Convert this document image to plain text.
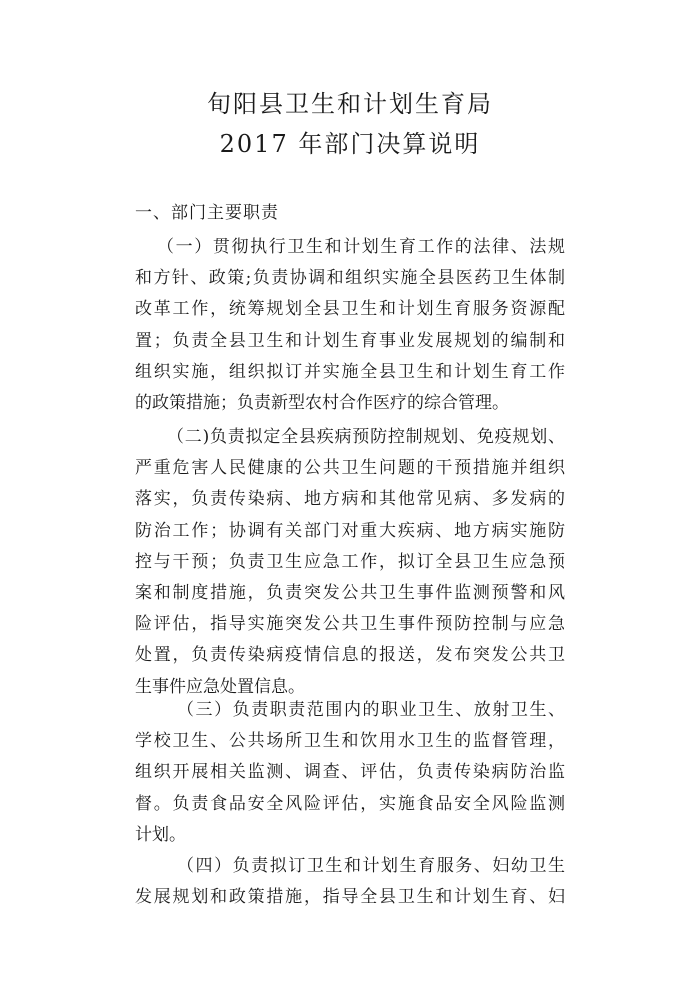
旬阳县卫生和计划生育局
2017 年部门决算说明
一、部门主要职责
（一）贯彻执行卫生和计划生育工作的法律、法规
和方针、政策;负责协调和组织实施全县医药卫生体制
改革工作，统筹规划全县卫生和计划生育服务资源配
置；负责全县卫生和计划生育事业发展规划的编制和
组织实施，组织拟订并实施全县卫生和计划生育工作
的政策措施；负责新型农村合作医疗的综合管理。
（二)负责拟定全县疾病预防控制规划、免疫规划、
严重危害人民健康的公共卫生问题的干预措施并组织
落实，负责传染病、地方病和其他常见病、多发病的
防治工作；协调有关部门对重大疾病、地方病实施防
控与干预；负责卫生应急工作，拟订全县卫生应急预
案和制度措施，负责突发公共卫生事件监测预警和风
险评估，指导实施突发公共卫生事件预防控制与应急
处置，负责传染病疫情信息的报送，发布突发公共卫
生事件应急处置信息。
（三）负责职责范围内的职业卫生、放射卫生、
学校卫生、公共场所卫生和饮用水卫生的监督管理，
组织开展相关监测、调查、评估，负责传染病防治监
督。负责食品安全风险评估，实施食品安全风险监测
计划。
（四）负责拟订卫生和计划生育服务、妇幼卫生
发展规划和政策措施，指导全县卫生和计划生育、妇
